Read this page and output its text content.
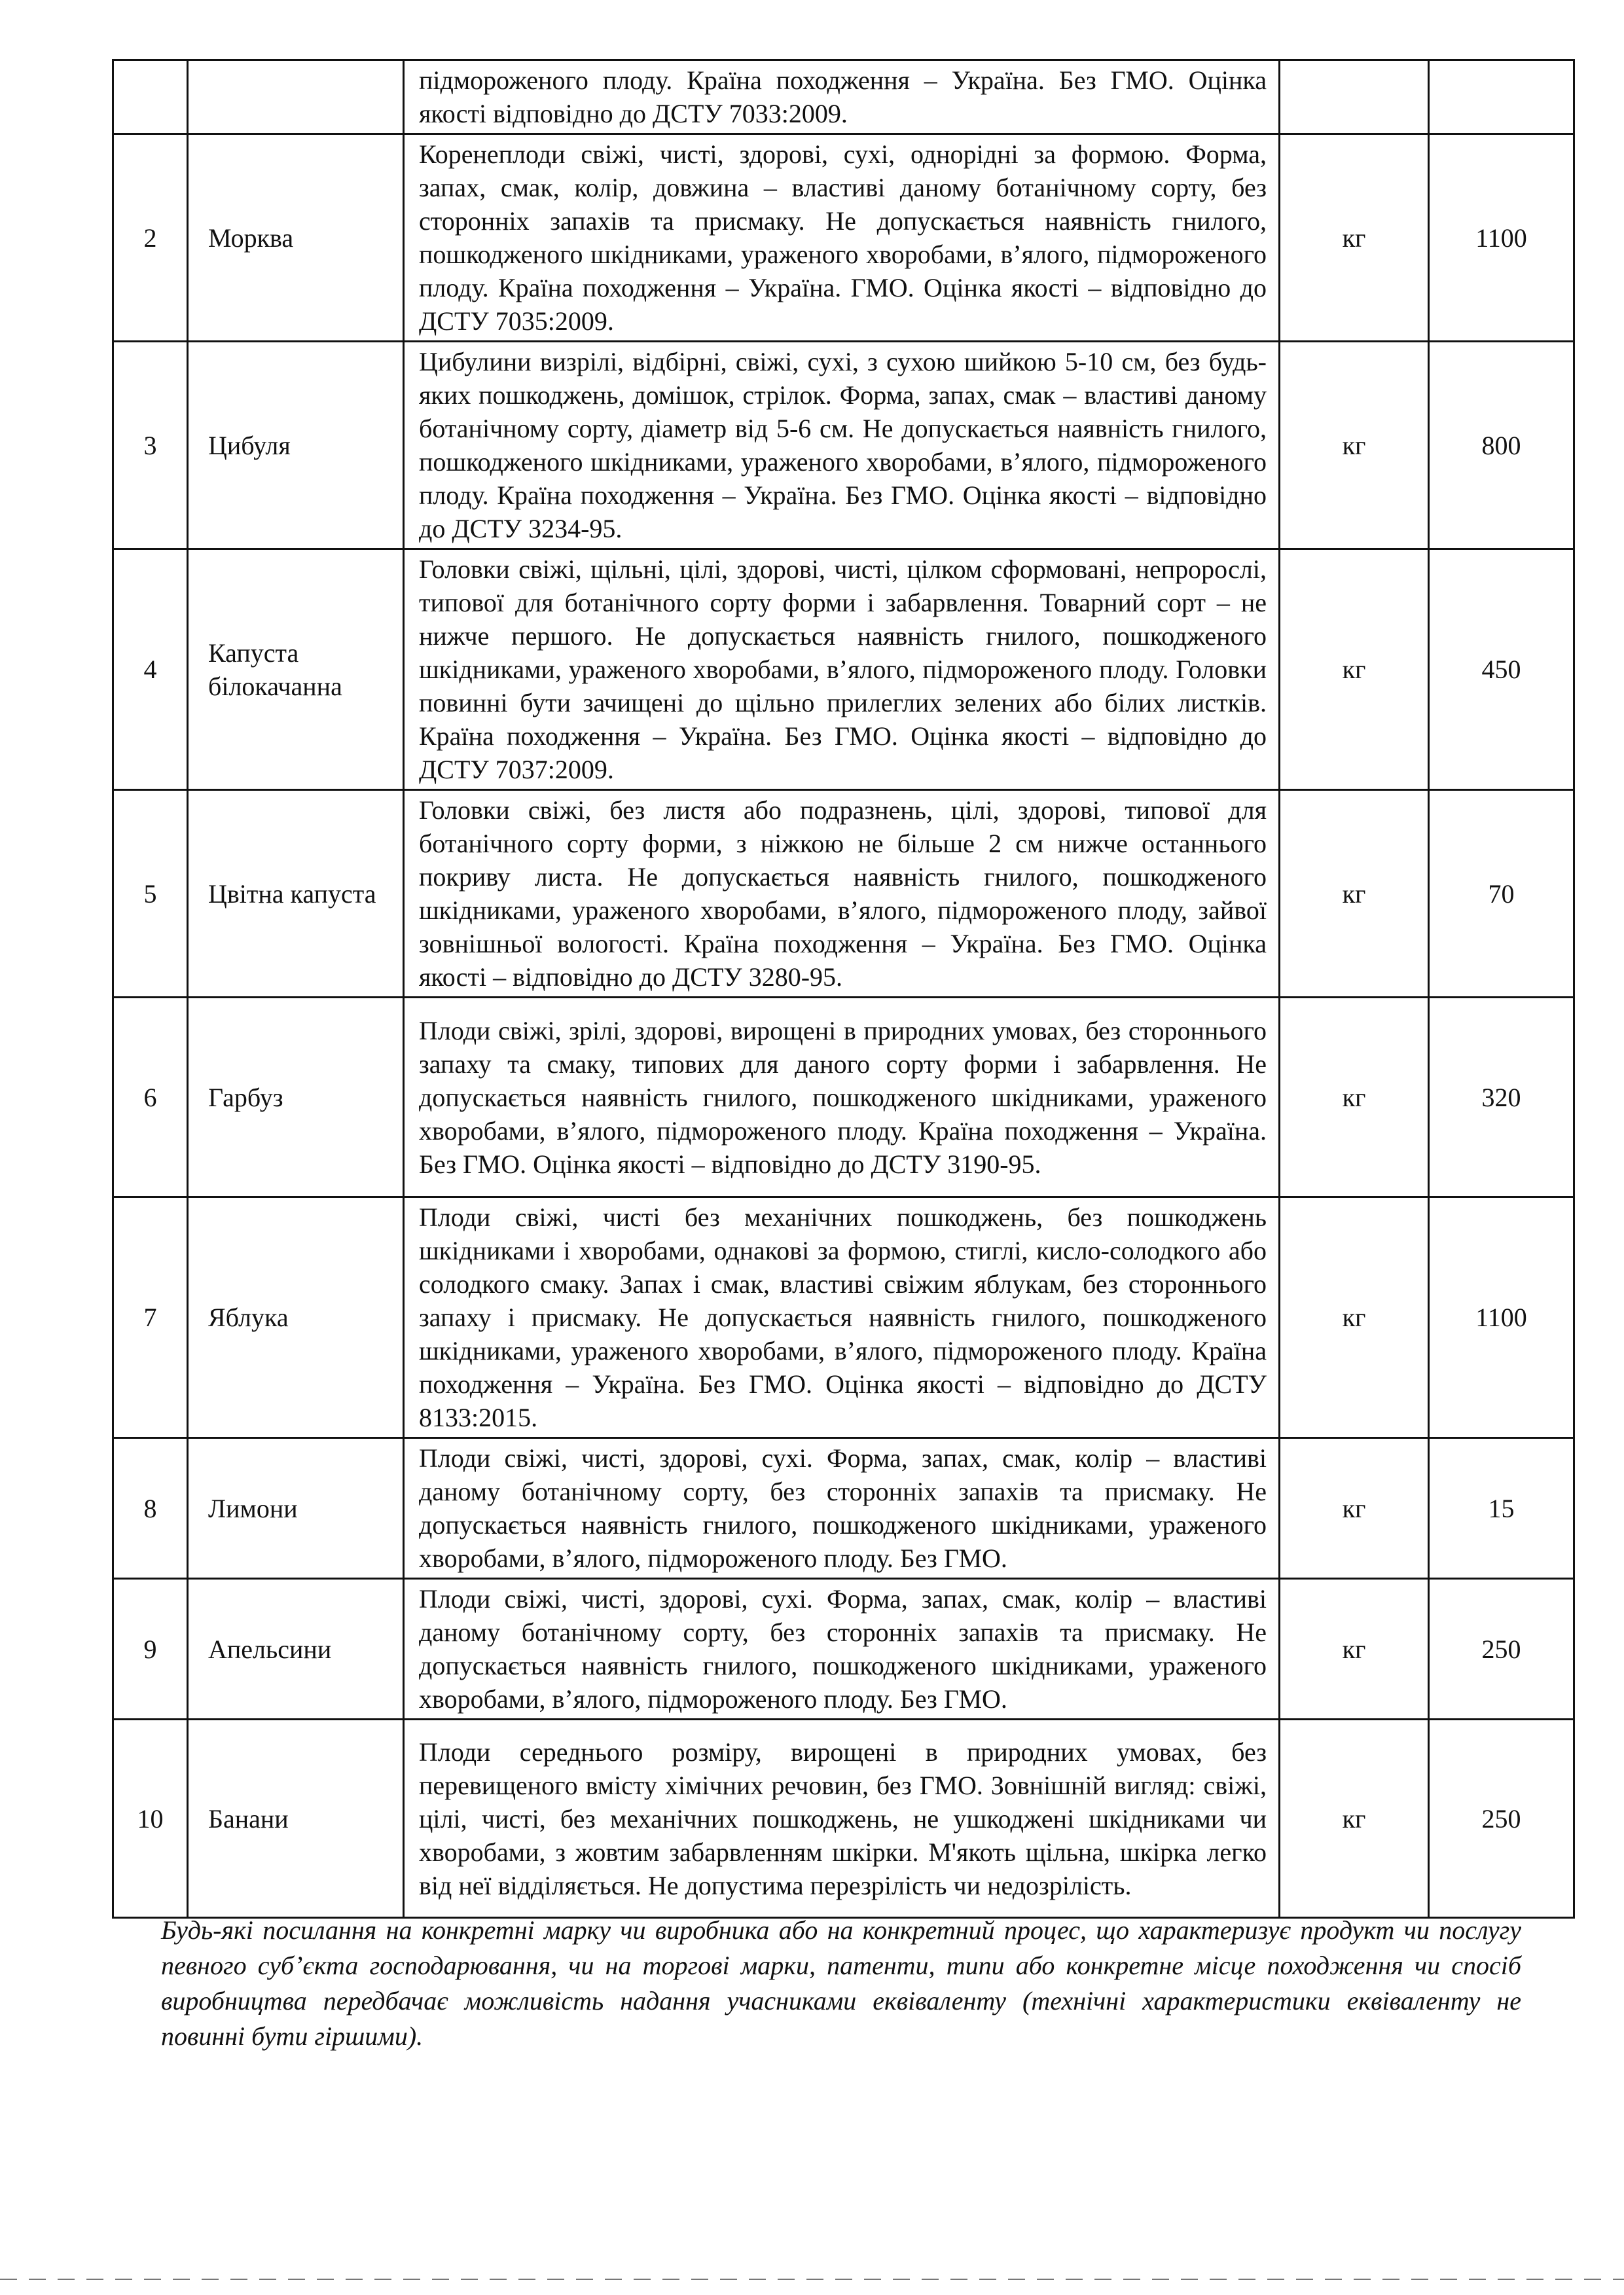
		підмороженого плоду. Країна походження – Україна. Без ГМО. Оцінка якості відповідно до ДСТУ 7033:2009.		
2	Морква	Коренеплоди свіжі, чисті, здорові, сухі, однорідні за формою. Форма, запах, смак, колір, довжина – властиві даному ботанічному сорту, без сторонніх запахів та присмаку. Не допускається наявність гнилого, пошкодженого шкідниками, ураженого хворобами, в’ялого, підмороженого плоду. Країна походження – Україна. ГМО. Оцінка якості – відповідно до ДСТУ 7035:2009.	кг	1100
3	Цибуля	Цибулини визрілі, відбірні, свіжі, сухі, з сухою шийкою 5-10 см, без будь-яких пошкоджень, домішок, стрілок. Форма, запах, смак – властиві даному ботанічному сорту, діаметр від 5-6 см. Не допускається наявність гнилого, пошкодженого шкідниками, ураженого хворобами, в’ялого, підмороженого плоду. Країна походження – Україна. Без ГМО. Оцінка якості – відповідно до ДСТУ 3234-95.	кг	800
4	Капуста білокачанна	Головки свіжі, щільні, цілі, здорові, чисті, цілком сформовані, непророслі, типової для ботанічного сорту форми і забарвлення. Товарний сорт – не нижче першого. Не допускається наявність гнилого, пошкодженого шкідниками, ураженого хворобами, в’ялого, підмороженого плоду. Головки повинні бути зачищені до щільно прилеглих зелених або білих листків. Країна походження – Україна. Без ГМО. Оцінка якості – відповідно до ДСТУ 7037:2009.	кг	450
5	Цвітна капуста	Головки свіжі, без листя або подразнень, цілі, здорові, типової для ботанічного сорту форми, з ніжкою не більше 2 см нижче останнього покриву листа. Не допускається наявність гнилого, пошкодженого шкідниками, ураженого хворобами, в’ялого, підмороженого плоду, зайвої зовнішньої вологості. Країна походження – Україна. Без ГМО. Оцінка якості – відповідно до ДСТУ 3280-95.	кг	70
6	Гарбуз	Плоди свіжі, зрілі, здорові, вирощені в природних умовах, без стороннього запаху та смаку, типових для даного сорту форми і забарвлення. Не допускається наявність гнилого, пошкодженого шкідниками, ураженого хворобами, в’ялого, підмороженого плоду. Країна походження – Україна. Без ГМО. Оцінка якості – відповідно до ДСТУ 3190-95.	кг	320
7	Яблука	Плоди свіжі, чисті без механічних пошкоджень, без пошкоджень шкідниками і хворобами, однакові за формою, стиглі, кисло-солодкого або солодкого смаку. Запах і смак, властиві свіжим яблукам, без стороннього запаху і присмаку. Не допускається наявність гнилого, пошкодженого шкідниками, ураженого хворобами, в’ялого, підмороженого плоду. Країна походження – Україна. Без ГМО. Оцінка якості – відповідно до ДСТУ 8133:2015.	кг	1100
8	Лимони	Плоди свіжі, чисті, здорові, сухі. Форма, запах, смак, колір – властиві даному ботанічному сорту, без сторонніх запахів та присмаку. Не допускається наявність гнилого, пошкодженого шкідниками, ураженого хворобами, в’ялого, підмороженого плоду. Без ГМО.	кг	15
9	Апельсини	Плоди свіжі, чисті, здорові, сухі. Форма, запах, смак, колір – властиві даному ботанічному сорту, без сторонніх запахів та присмаку. Не допускається наявність гнилого, пошкодженого шкідниками, ураженого хворобами, в’ялого, підмороженого плоду. Без ГМО.	кг	250
10	Банани	Плоди середнього розміру, вирощені в природних умовах, без перевищеного вмісту хімічних речовин, без ГМО. Зовнішній вигляд: свіжі, цілі, чисті, без механічних пошкоджень, не ушкоджені шкідниками чи хворобами, з жовтим забарвленням шкірки. М'якоть щільна, шкірка легко від неї відділяється. Не допустима перезрілість чи недозрілість.	кг	250

Будь-які посилання на конкретні марку чи виробника або на конкретний процес, що характеризує продукт чи послугу певного суб’єкта господарювання, чи на торгові марки, патенти, типи або конкретне місце походження чи спосіб виробництва передбачає можливість надання учасниками еквіваленту (технічні характеристики еквіваленту не повинні бути гіршими).
